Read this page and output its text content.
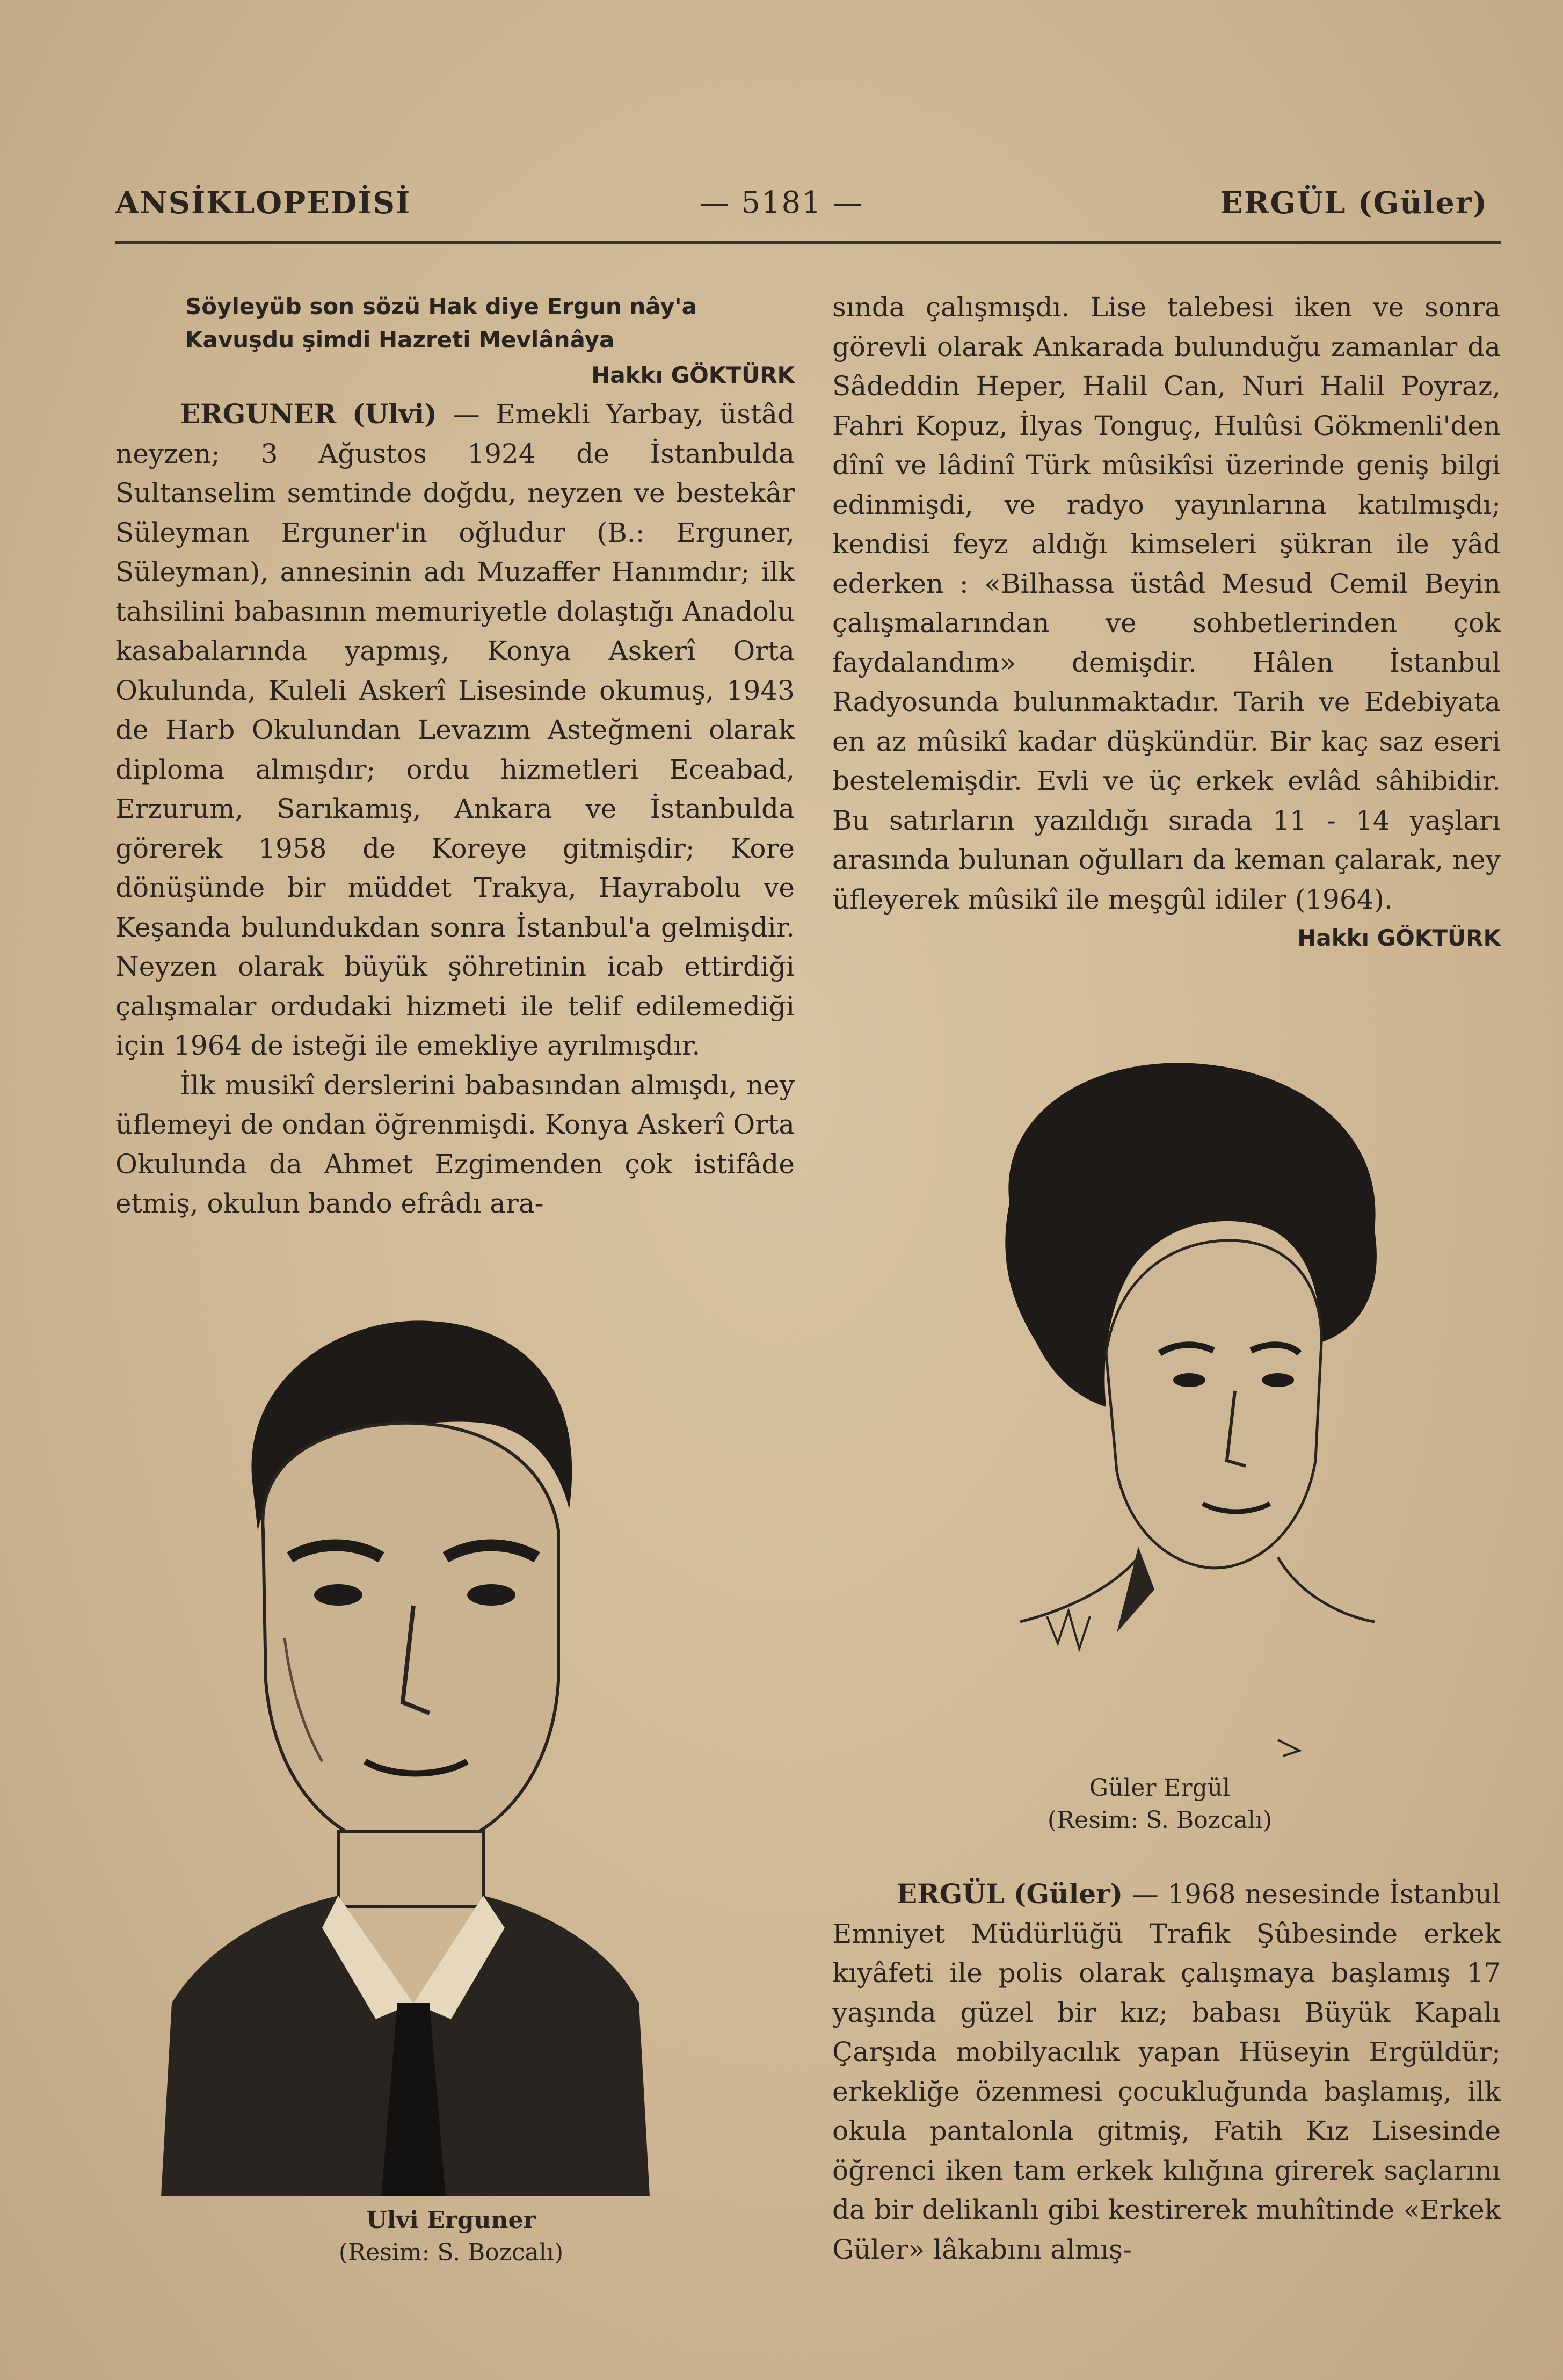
ANSİKLOPEDİSİ	— 5181 —	ERGÜL (Güler)
Söyleyüb son sözü Hak diye Ergun nây'a
Kavuşdu şimdi Hazreti Mevlânâya
Hakkı GÖKTÜRK

ERGUNER (Ulvi) — Emekli Yarbay, üstâd neyzen; 3 Ağustos 1924 de İstanbulda Sultanselim semtinde doğdu, neyzen ve bestekâr Süleyman Erguner'in oğludur (B.: Erguner, Süleyman), annesinin adı Muzaffer Hanımdır; ilk tahsilini babasının memuriyetle dolaştığı Anadolu kasabalarında yapmış, Konya Askerî Orta Okulunda, Kuleli Askerî Lisesinde okumuş, 1943 de Harb Okulundan Levazım Asteğmeni olarak diploma almışdır; ordu hizmetleri Eceabad, Erzurum, Sarıkamış, Ankara ve İstanbulda görerek 1958 de Koreye gitmişdir; Kore dönüşünde bir müddet Trakya, Hayrabolu ve Keşanda bulundukdan sonra İstanbul'a gelmişdir. Neyzen olarak büyük şöhretinin icab ettirdiği çalışmalar ordudaki hizmeti ile telif edilemediği için 1964 de isteği ile emekliye ayrılmışdır.

İlk musikî derslerini babasından almışdı, ney üflemeyi de ondan öğrenmişdi. Konya Askerî Orta Okulunda da Ahmet Ezgimenden çok istifâde etmiş, okulun bando efrâdı ara-

Ulvi Erguner
(Resim: S. Bozcalı)

sında çalışmışdı. Lise talebesi iken ve sonra görevli olarak Ankarada bulunduğu zamanlar da Sâdeddin Heper, Halil Can, Nuri Halil Poyraz, Fahri Kopuz, İlyas Tonguç, Hulûsi Gökmenli'den dînî ve lâdinî Türk mûsikîsi üzerinde geniş bilgi edinmişdi, ve radyo yayınlarına katılmışdı; kendisi feyz aldığı kimseleri şükran ile yâd ederken : «Bilhassa üstâd Mesud Cemil Beyin çalışmalarından ve sohbetlerinden çok faydalandım» demişdir. Hâlen İstanbul Radyosunda bulunmaktadır. Tarih ve Edebiyata en az mûsikî kadar düşkündür. Bir kaç saz eseri bestelemişdir. Evli ve üç erkek evlâd sâhibidir. Bu satırların yazıldığı sırada 11 - 14 yaşları arasında bulunan oğulları da keman çalarak, ney üfleyerek mûsikî ile meşgûl idiler (1964).

Hakkı GÖKTÜRK
Güler Ergül
(Resim: S. Bozcalı)

ERGÜL (Güler) — 1968 nesesinde İstanbul Emniyet Müdürlüğü Trafik Şûbesinde erkek kıyâfeti ile polis olarak çalışmaya başlamış 17 yaşında güzel bir kız; babası Büyük Kapalı Çarşıda mobilyacılık yapan Hüseyin Ergüldür; erkekliğe özenmesi çocukluğunda başlamış, ilk okula pantalonla gitmiş, Fatih Kız Lisesinde öğrenci iken tam erkek kılığına girerek saçlarını da bir delikanlı gibi kestirerek muhîtinde «Erkek Güler» lâkabını almış-
